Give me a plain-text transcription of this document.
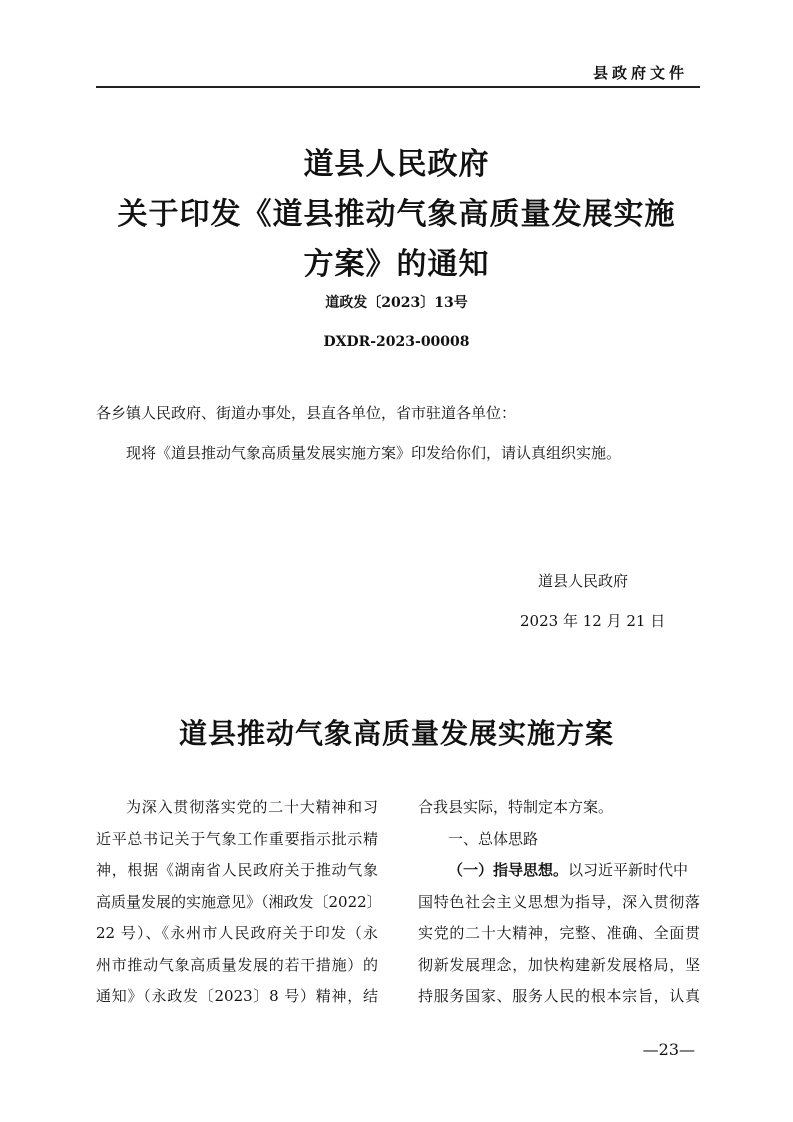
县政府文件
道县人民政府
关于印发《道县推动气象高质量发展实施
方案》的通知
道政发〔2023〕13号
DXDR-2023-00008
各乡镇人民政府、街道办事处，县直各单位，省市驻道各单位：
现将《道县推动气象高质量发展实施方案》印发给你们，请认真组织实施。
道县人民政府
2023 年 12 月 21 日
道县推动气象高质量发展实施方案
为深入贯彻落实党的二十大精神和习
近平总书记关于气象工作重要指示批示精
神，根据《湖南省人民政府关于推动气象
高质量发展的实施意见》（湘政发〔2022〕
22 号）、《永州市人民政府关于印发（永
州市推动气象高质量发展的若干措施）的
通知》（永政发〔2023〕8 号）精神，结
合我县实际，特制定本方案。
一、总体思路
（一）指导思想。以习近平新时代中
国特色社会主义思想为指导，深入贯彻落
实党的二十大精神，完整、准确、全面贯
彻新发展理念，加快构建新发展格局，坚
持服务国家、服务人民的根本宗旨，认真
—23—
